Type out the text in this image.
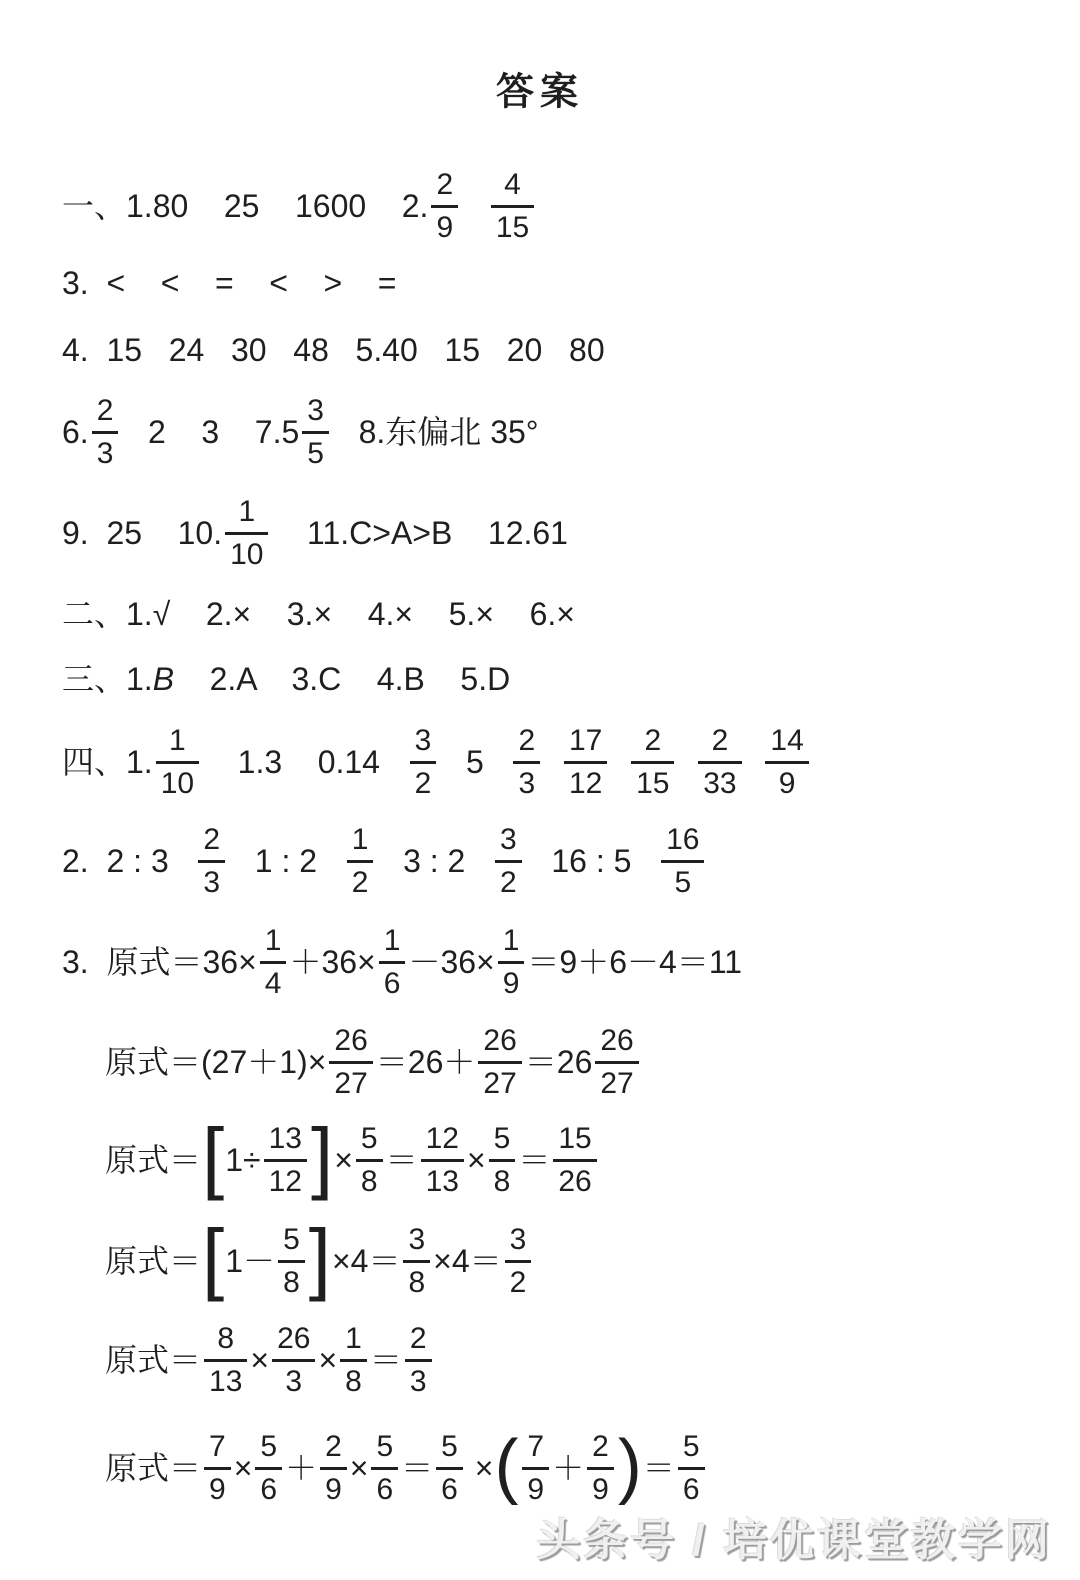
答案
一、1.80    25    1600    2. $\frac{2}{9}$
$\frac{4}{15}$
3.  <    <    =    <    >    =
4.  15   24   30   48   5.40   15   20   80
6. $\frac{2}{3} 2$    3    $7.5 \frac{3}{5} 8$.东偏北 35°
9.  25    10. $\frac{1}{10} 11.C>A>B$    12.61
二、1.√    2.×    3.×    4.×    5.×    6.×
三、1. B 2.A    3.C    4.B    5.D
四、1. $\frac{1}{10} 1.3$    $0.14 \frac{3}{2} 5 \frac{2}{3}$
$\frac{17}{12}$
$\frac{2}{15}$
$\frac{2}{33}$
$\frac{14}{9}$
2.  2 : $3 \frac{2}{3} 1$ : $2 \frac{1}{2} 3$ : $2 \frac{3}{2} 16$ : $5 \frac{16}{5}$
3.  原式$=36\times \frac{1}{4} +36\times \frac{1}{6} -36\times \frac{1}{9} =9+6-4=11$
原式$=(27+1)\times \frac{26}{27} =26+ \frac{26}{27} =26 \frac{26}{27}$
原式＝ [ $1\div \frac{13}{12}$ ] × $\frac{5}{8} = \frac{12}{13} \times \frac{5}{8} = \frac{15}{26}$
原式＝ [ $1- \frac{5}{8}$ ] $\times 4= \frac{3}{8} \times 4= \frac{3}{2}$
原式＝ $\frac{8}{13} \times \frac{26}{3} \times \frac{1}{8} = \frac{2}{3}$
原式＝ $\frac{7}{9} \times \frac{5}{6} + \frac{2}{9} \times \frac{5}{6} = \frac{5}{6}$ × ( $\frac{7}{9} + \frac{2}{9}$ ) ＝ $\frac{5}{6}$
头条号 / 培优课堂教学网
